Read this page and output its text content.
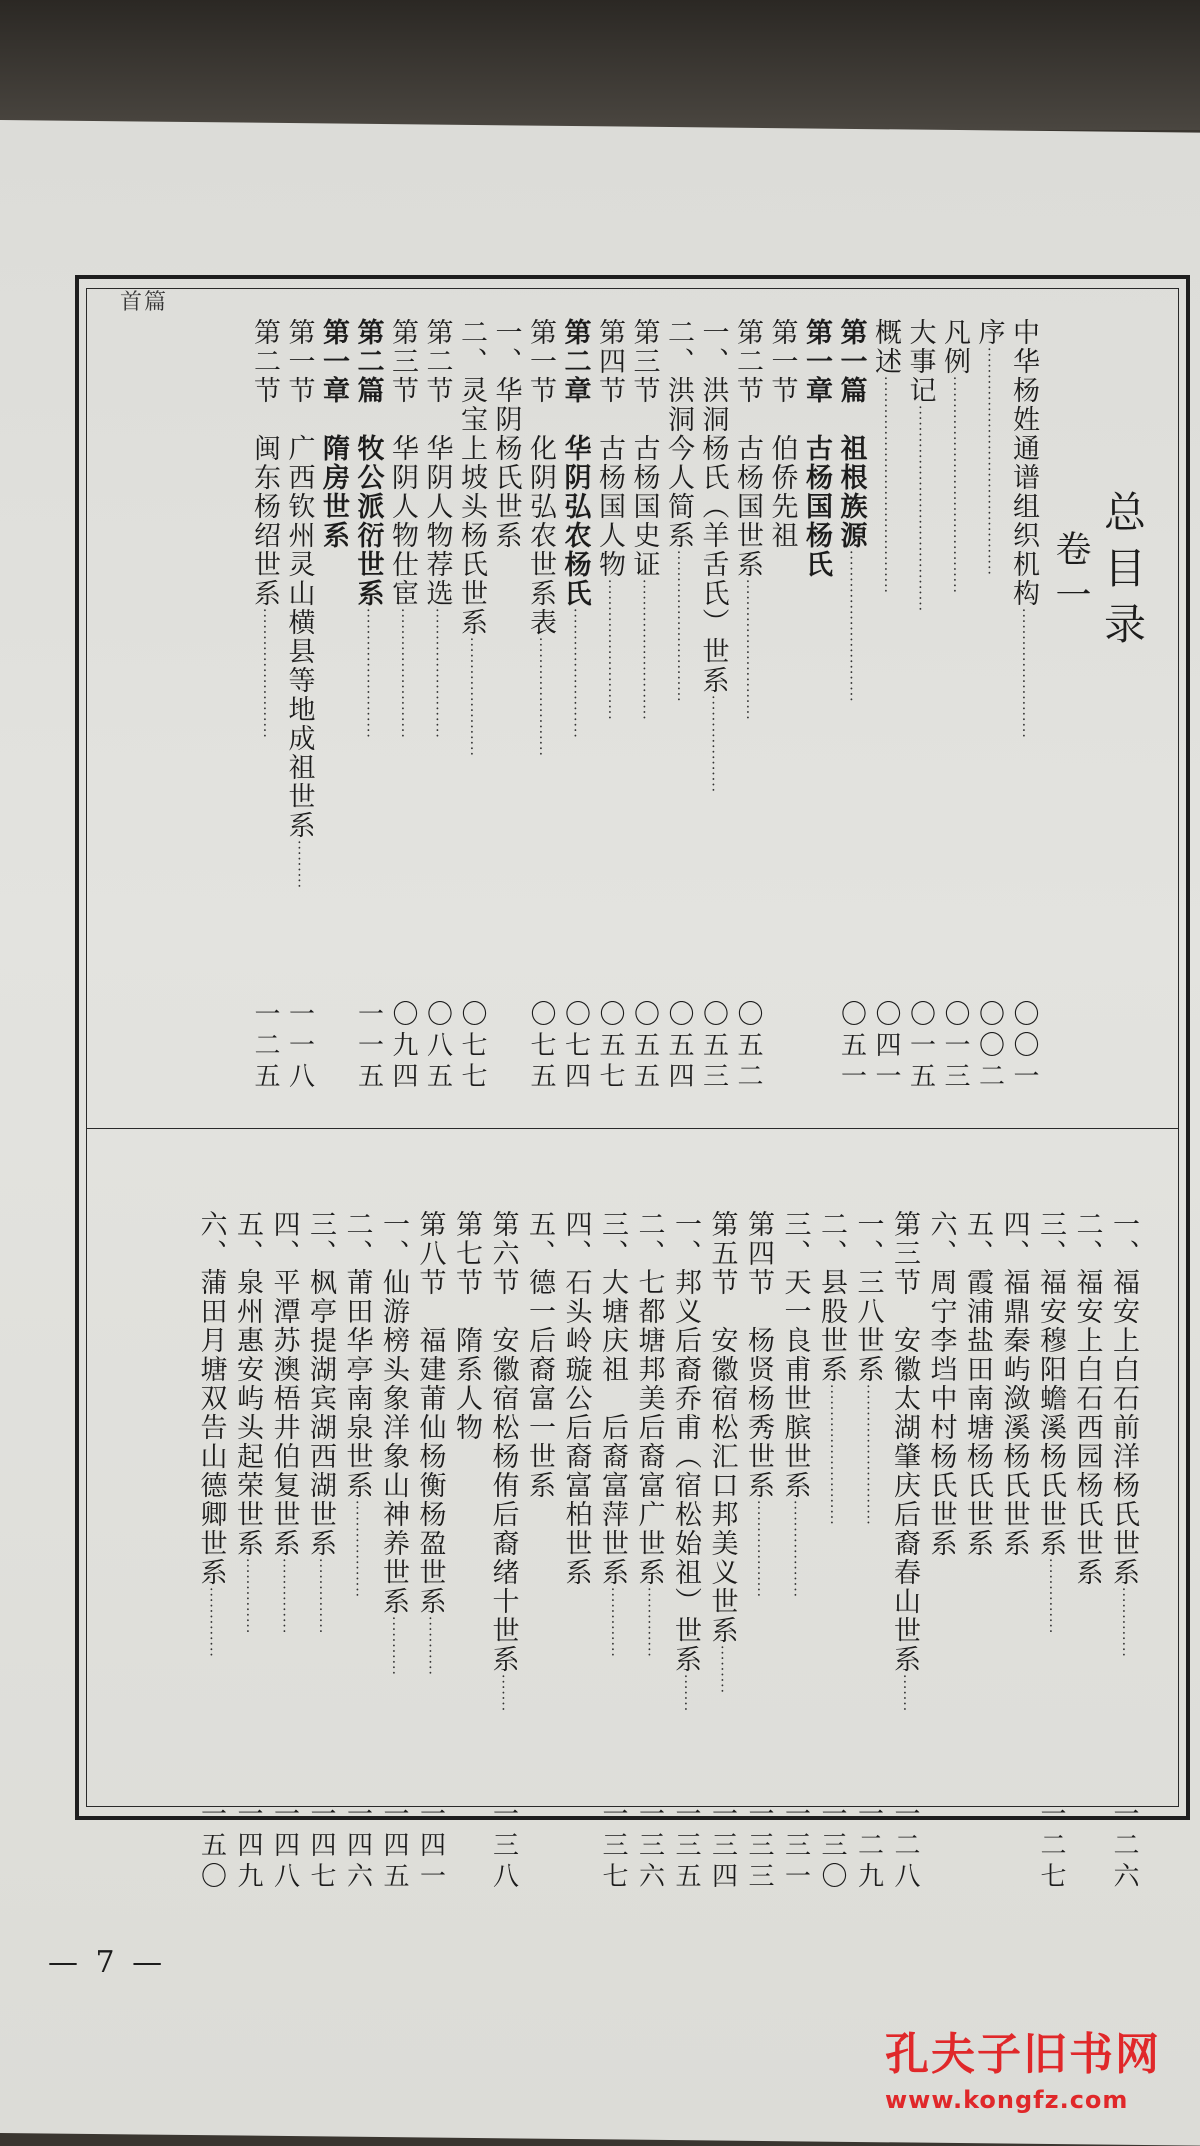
首篇
总目录
卷一
中华杨姓通谱组织机构························
〇〇一
序··········································
〇〇二
凡例········································
〇一三
大事记······································
〇一五
概述········································
〇四一
第一篇　祖根族源····························
〇五一
第一章　古杨国杨氏
第一节　伯侨先祖
第二节　古杨国世系··························
〇五二
一、洪洞杨氏（羊舌氏）世系··················
〇五三
二、洪洞今人简系····························
〇五四
第三节　古杨国史证··························
〇五五
第四节　古杨国人物··························
〇五七
第二章　华阴弘农杨氏························
〇七四
第一节　化阴弘农世系表······················
〇七五
一、华阴杨氏世系
二、灵宝上坡头杨氏世系······················
〇七七
第二节　华阴人物荐选························
〇八五
第三节　华阴人物仕宦························
〇九四
第二篇　牧公派衍世系························
一一五
第一章　隋房世系
第一节　广西钦州灵山横县等地成祖世系·········
一一八
第二节　闽东杨绍世系························
一二五
一、福安上白石前洋杨氏世系·············
一二六
二、福安上白石西园杨氏世系
三、福安穆阳蟾溪杨氏世系··············
一二七
四、福鼎秦屿潋溪杨氏世系
五、霞浦盐田南塘杨氏世系
六、周宁李垱中村杨氏世系
第三节　安徽太湖肇庆后裔春山世系·······
一二八
一、三八世系··························
一二九
二、县股世系··························
一三〇
三、天一良甫世膑世系··················
一三一
第四节　杨贤杨秀世系··················
一三三
第五节　安徽宿松汇口邦美义世系·········
一三四
一、邦义后裔乔甫（宿松始祖）世系·······
一三五
二、七都塘邦美后裔富广世系·············
一三六
三、大塘庆祖　后裔富萍世系·············
一三七
四、石头岭璇公后裔富柏世系
五、德一后裔富一世系
第六节　安徽宿松杨侑后裔绪十世系·······
一三八
第七节　隋系人物
第八节　福建莆仙杨衡杨盈世系···········
一四一
一、仙游榜头象洋象山神养世系···········
一四五
二、莆田华亭南泉世系··················
一四六
三、枫亭提湖宾湖西湖世系··············
一四七
四、平潭苏澳梧井伯复世系··············
一四八
五、泉州惠安屿头起荣世系··············
一四九
六、蒲田月塘双告山德卿世系·············
一五〇
— 7 —
孔夫子旧书网
www.kongfz.com
